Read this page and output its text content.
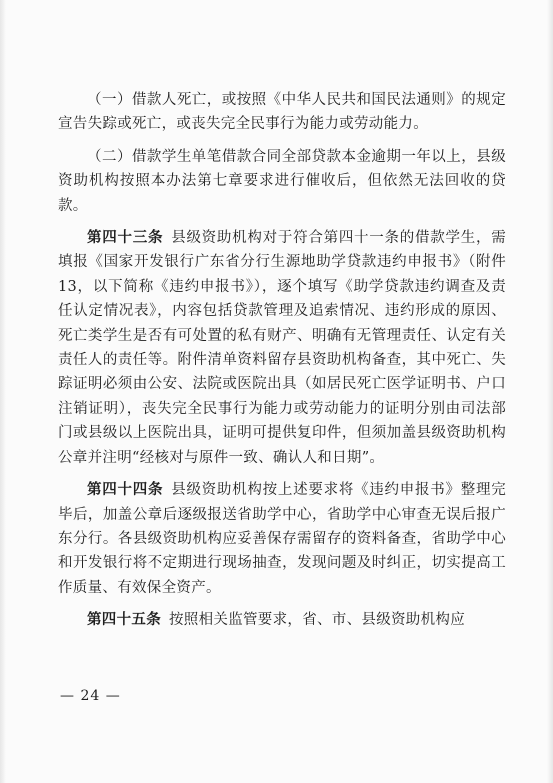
（一）借款人死亡，或按照《中华人民共和国民法通则》的规定宣告失踪或死亡，或丧失完全民事行为能力或劳动能力。

（二）借款学生单笔借款合同全部贷款本金逾期一年以上，县级资助机构按照本办法第七章要求进行催收后，但依然无法回收的贷款。

第四十三条 县级资助机构对于符合第四十一条的借款学生，需填报《国家开发银行广东省分行生源地助学贷款违约申报书》（附件13，以下简称《违约申报书》），逐个填写《助学贷款违约调查及责任认定情况表》，内容包括贷款管理及追索情况、违约形成的原因、死亡类学生是否有可处置的私有财产、明确有无管理责任、认定有关责任人的责任等。附件清单资料留存县资助机构备查，其中死亡、失踪证明必须由公安、法院或医院出具（如居民死亡医学证明书、户口注销证明），丧失完全民事行为能力或劳动能力的证明分别由司法部门或县级以上医院出具，证明可提供复印件，但须加盖县级资助机构公章并注明“经核对与原件一致、确认人和日期”。

第四十四条 县级资助机构按上述要求将《违约申报书》整理完毕后，加盖公章后逐级报送省助学中心，省助学中心审查无误后报广东分行。各县级资助机构应妥善保存需留存的资料备查，省助学中心和开发银行将不定期进行现场抽查，发现问题及时纠正，切实提高工作质量、有效保全资产。

第四十五条 按照相关监管要求，省、市、县级资助机构应

— 24 —
